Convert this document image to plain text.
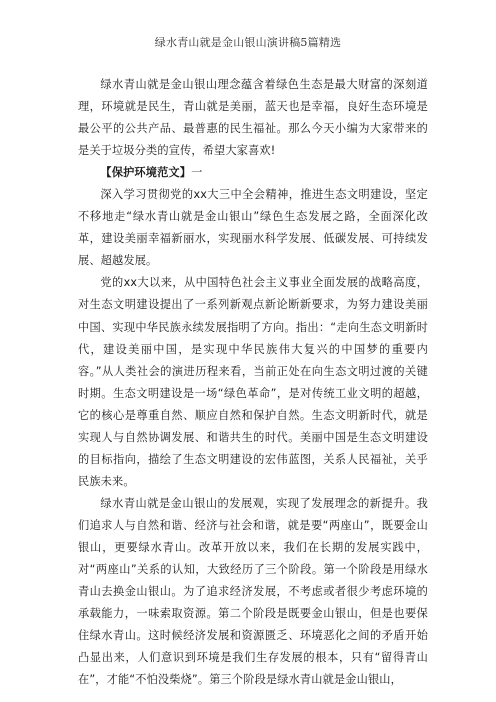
绿水青山就是金山银山演讲稿5篇精选

绿水青山就是金山银山理念蕴含着绿色生态是最大财富的深刻道理，环境就是民生，青山就是美丽，蓝天也是幸福，良好生态环境是最公平的公共产品、最普惠的民生福祉。那么今天小编为大家带来的是关于垃圾分类的宣传，希望大家喜欢!

【保护环境范文】一

深入学习贯彻党的xx大三中全会精神，推进生态文明建设，坚定不移地走“绿水青山就是金山银山”绿色生态发展之路，全面深化改革，建设美丽幸福新丽水，实现丽水科学发展、低碳发展、可持续发展、超越发展。

党的xx大以来，从中国特色社会主义事业全面发展的战略高度，对生态文明建设提出了一系列新观点新论断新要求，为努力建设美丽中国、实现中华民族永续发展指明了方向。指出：“走向生态文明新时代，建设美丽中国，是实现中华民族伟大复兴的中国梦的重要内容。”从人类社会的演进历程来看，当前正处在向生态文明过渡的关键时期。生态文明建设是一场“绿色革命”，是对传统工业文明的超越，它的核心是尊重自然、顺应自然和保护自然。生态文明新时代，就是实现人与自然协调发展、和谐共生的时代。美丽中国是生态文明建设的目标指向，描绘了生态文明建设的宏伟蓝图，关系人民福祉，关乎民族未来。

绿水青山就是金山银山的发展观，实现了发展理念的新提升。我们追求人与自然和谐、经济与社会和谐，就是要“两座山”，既要金山银山，更要绿水青山。改革开放以来，我们在长期的发展实践中，对“两座山”关系的认知，大致经历了三个阶段。第一个阶段是用绿水青山去换金山银山。为了追求经济发展，不考虑或者很少考虑环境的承载能力，一味索取资源。第二个阶段是既要金山银山，但是也要保住绿水青山。这时候经济发展和资源匮乏、环境恶化之间的矛盾开始凸显出来，人们意识到环境是我们生存发展的根本，只有“留得青山在”，才能“不怕没柴烧”。第三个阶段是绿水青山就是金山银山，
